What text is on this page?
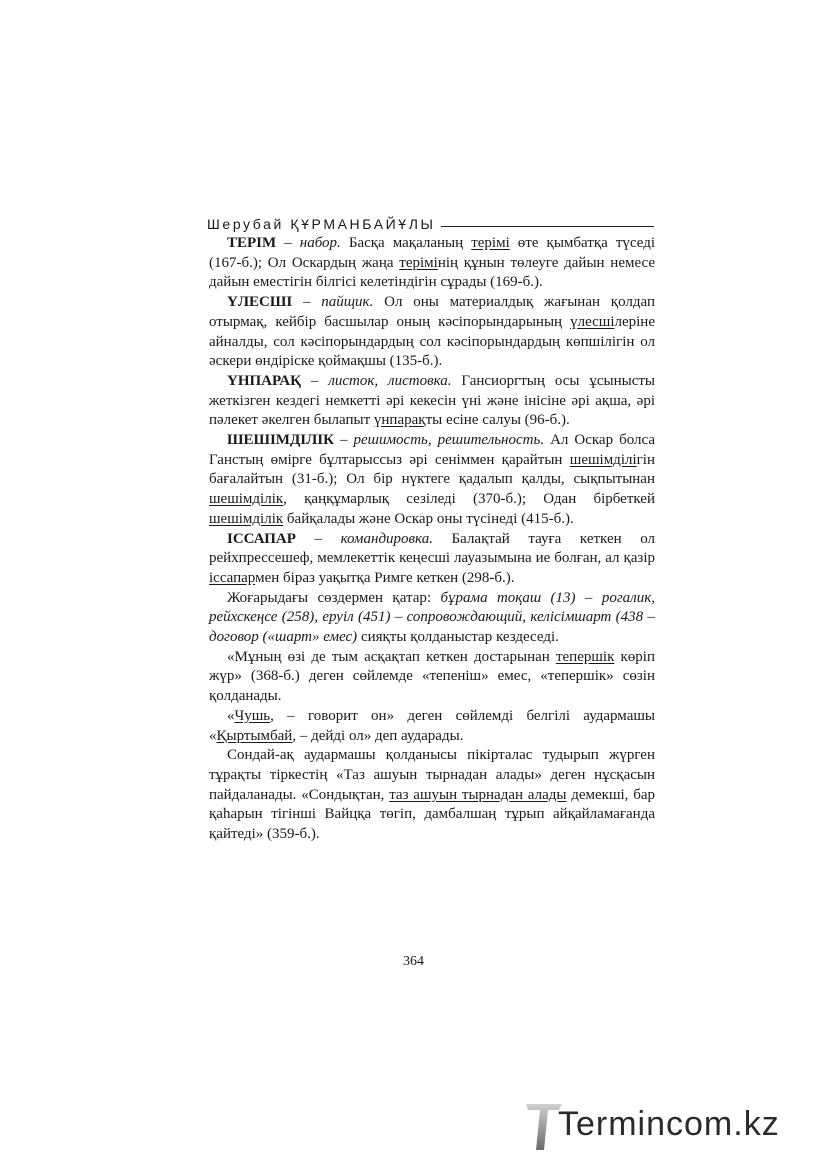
Шерубай ҚҰРМАНБАЙҰЛЫ

ТЕРІМ – набор. Басқа мақаланың терімі өте қымбатқа түседі (167-б.); Ол Оскардың жаңа терімінің құнын төлеуге дайын немесе дайын еместігін білгісі келетіндігін сұрады (169-б.).

ҮЛЕСШІ – пайщик. Ол оны материалдық жағынан қолдап отырмақ, кейбір басшылар оның кәсіпорындарының үлесшілеріне айналды, сол кәсіпорындардың сол кәсіпорындардың көпшілігін ол әскери өндіріске қоймақшы (135-б.).

ҮНПАРАҚ – листок, листовка. Гансиоргтың осы ұсынысты жеткізген кездегі немкетті әрі кекесін үні және інісіне әрі ақша, әрі пәлекет әкелген былапыт үнпарақты есіне салуы (96-б.).

ШЕШІМДІЛІК – решимость, решительность. Ал Оскар болса Ганстың өмірге бұлтарыссыз әрі сеніммен қарайтын шешімділігін бағалайтын (31-б.); Ол бір нүктеге қадалып қалды, сықпытынан шешімділік, қаңқұмарлық сезіледі (370-б.); Одан бірбеткей шешімділік байқалады және Оскар оны түсінеді (415-б.).

ІССАПАР – командировка. Балақтай тауға кеткен ол рейхпрессешеф, мемлекеттік кеңесші лауазымына ие болған, ал қазір іссапармен біраз уақытқа Римге кеткен (298-б.).

Жоғарыдағы сөздермен қатар: бұрама тоқаш (13) – рогалик, рейхскеңсе (258), еруіл (451) – сопровождающий, келісімшарт (438 – договор («шарт» емес) сияқты қолданыстар кездеседі.

«Мұның өзі де тым асқақтап кеткен достарынан тепершік көріп жүр» (368-б.) деген сөйлемде «тепеніш» емес, «тепершік» сөзін қолданады.

«Чушь, – говорит он» деген сөйлемді белгілі аудармашы «Қыртымбай, – дейді ол» деп аударады.

Сондай-ақ аудармашы қолданысы пікірталас тудырып жүрген тұрақты тіркестің «Таз ашуын тырнадан алады» деген нұсқасын пайдаланады. «Сондықтан, таз ашуын тырнадан алады демекші, бар қаһарын тігінші Вайцқа төгіп, дамбалшаң тұрып айқайламағанда қайтеді» (359-б.).

364
Termincom.kz
